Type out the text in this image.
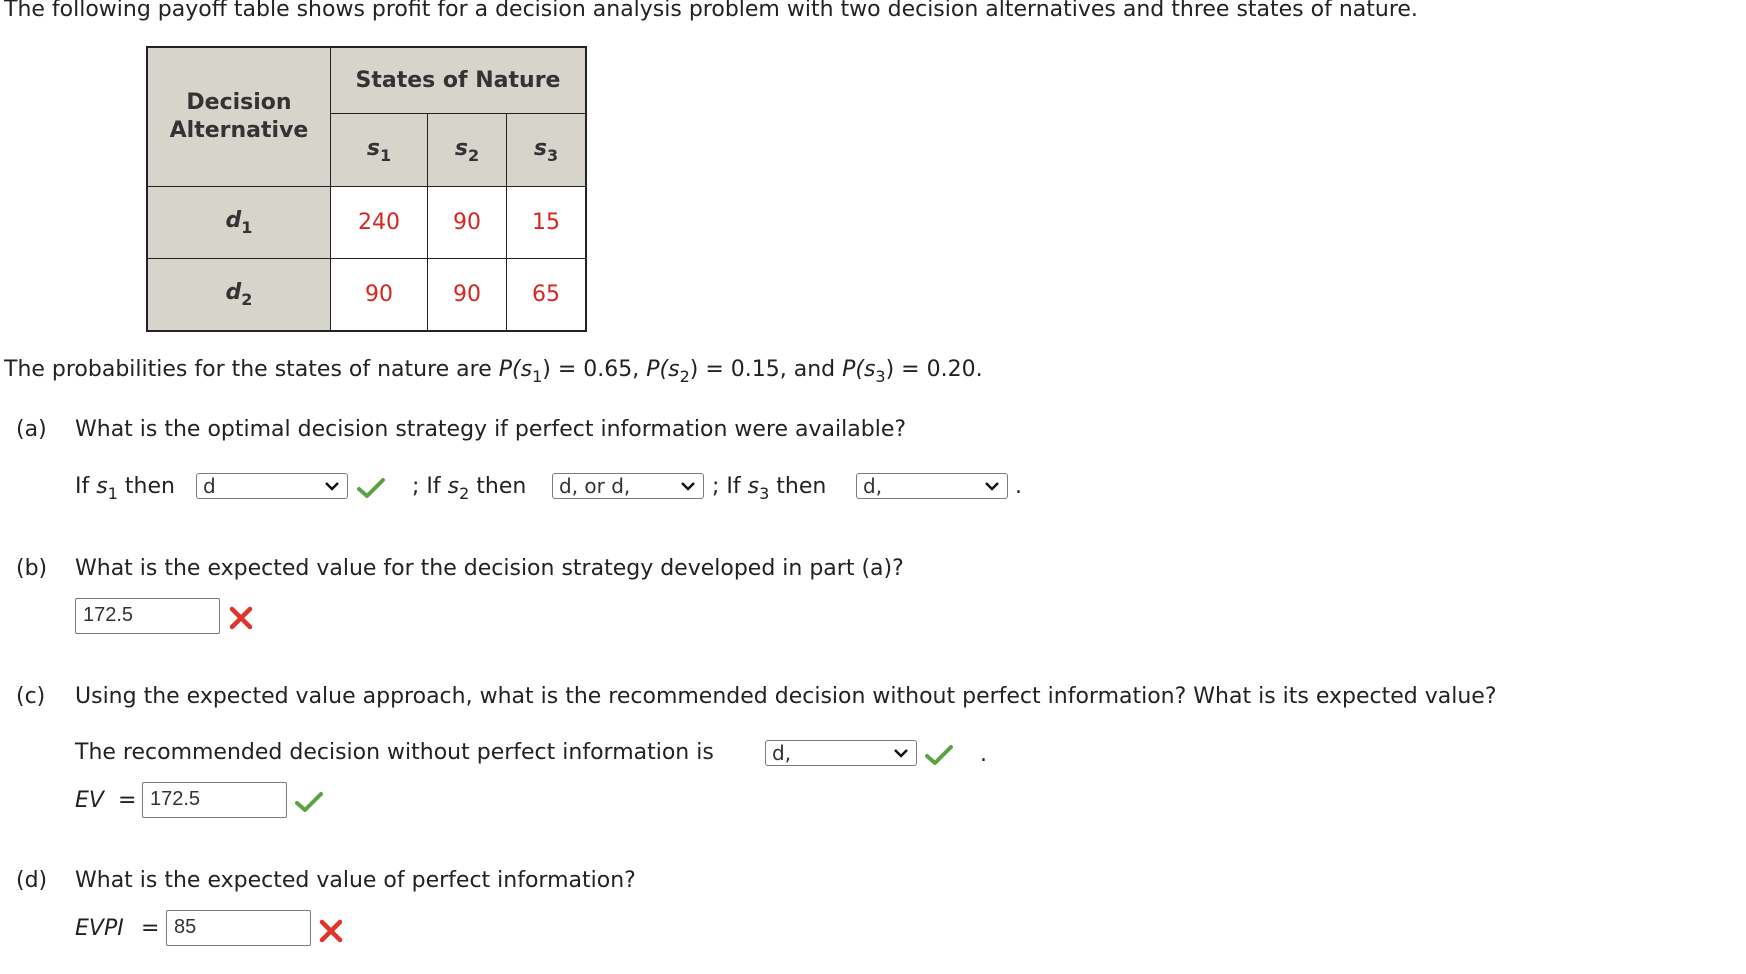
The following payoff table shows profit for a decision analysis problem with two decision alternatives and three states of nature.
Decision
Alternative	States of Nature		
	$s_1$	$s_2$	$s_3$
$d_1$	240	90	15
$d_2$	90	90	65
The probabilities for the states of nature are $P(s_1) = 0.65$, $P(s_2) = 0.15$, and $P(s_3) = 0.20$.
(a) What is the optimal decision strategy if perfect information were available?
If $s_1$ then d	; If $s_2$ then d, or d,	; If $s_3$ then d,	.
(b) What is the expected value for the decision strategy developed in part (a)?
172.5
(c) Using the expected value approach, what is the recommended decision without perfect information? What is its expected value?
The recommended decision without perfect information is	d,	.
EV = 172.5
(d) What is the expected value of perfect information?
EVPI = 85
